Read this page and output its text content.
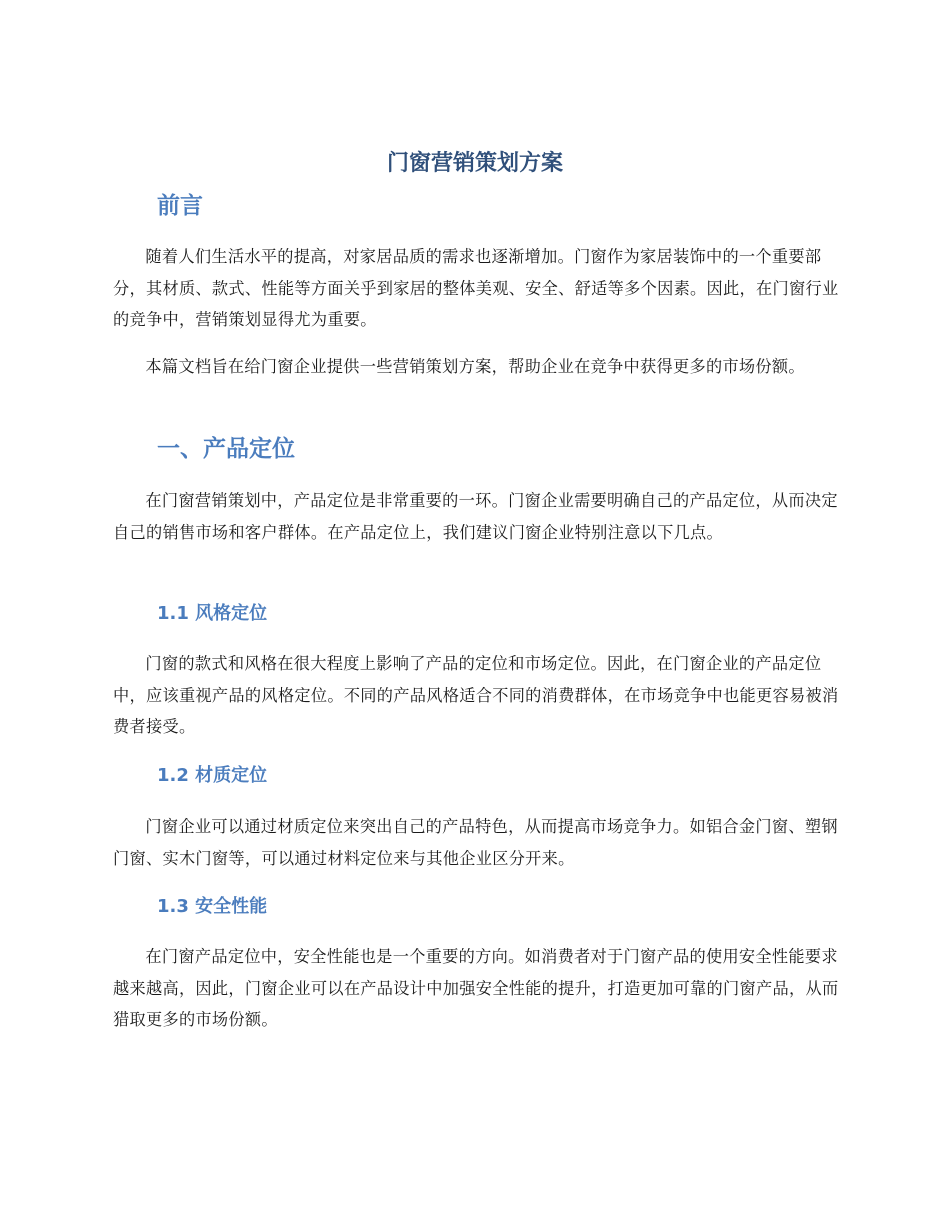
门窗营销策划方案
前言

随着人们生活水平的提高，对家居品质的需求也逐渐增加。门窗作为家居装饰中的一个重要部分，其材质、款式、性能等方面关乎到家居的整体美观、安全、舒适等多个因素。因此，在门窗行业的竞争中，营销策划显得尤为重要。

本篇文档旨在给门窗企业提供一些营销策划方案，帮助企业在竞争中获得更多的市场份额。

一、产品定位

在门窗营销策划中，产品定位是非常重要的一环。门窗企业需要明确自己的产品定位，从而决定自己的销售市场和客户群体。在产品定位上，我们建议门窗企业特别注意以下几点。

1.1 风格定位

门窗的款式和风格在很大程度上影响了产品的定位和市场定位。因此，在门窗企业的产品定位中，应该重视产品的风格定位。不同的产品风格适合不同的消费群体，在市场竞争中也能更容易被消费者接受。

1.2 材质定位

门窗企业可以通过材质定位来突出自己的产品特色，从而提高市场竞争力。如铝合金门窗、塑钢门窗、实木门窗等，可以通过材料定位来与其他企业区分开来。

1.3 安全性能

在门窗产品定位中，安全性能也是一个重要的方向。如消费者对于门窗产品的使用安全性能要求越来越高，因此，门窗企业可以在产品设计中加强安全性能的提升，打造更加可靠的门窗产品，从而猎取更多的市场份额。
